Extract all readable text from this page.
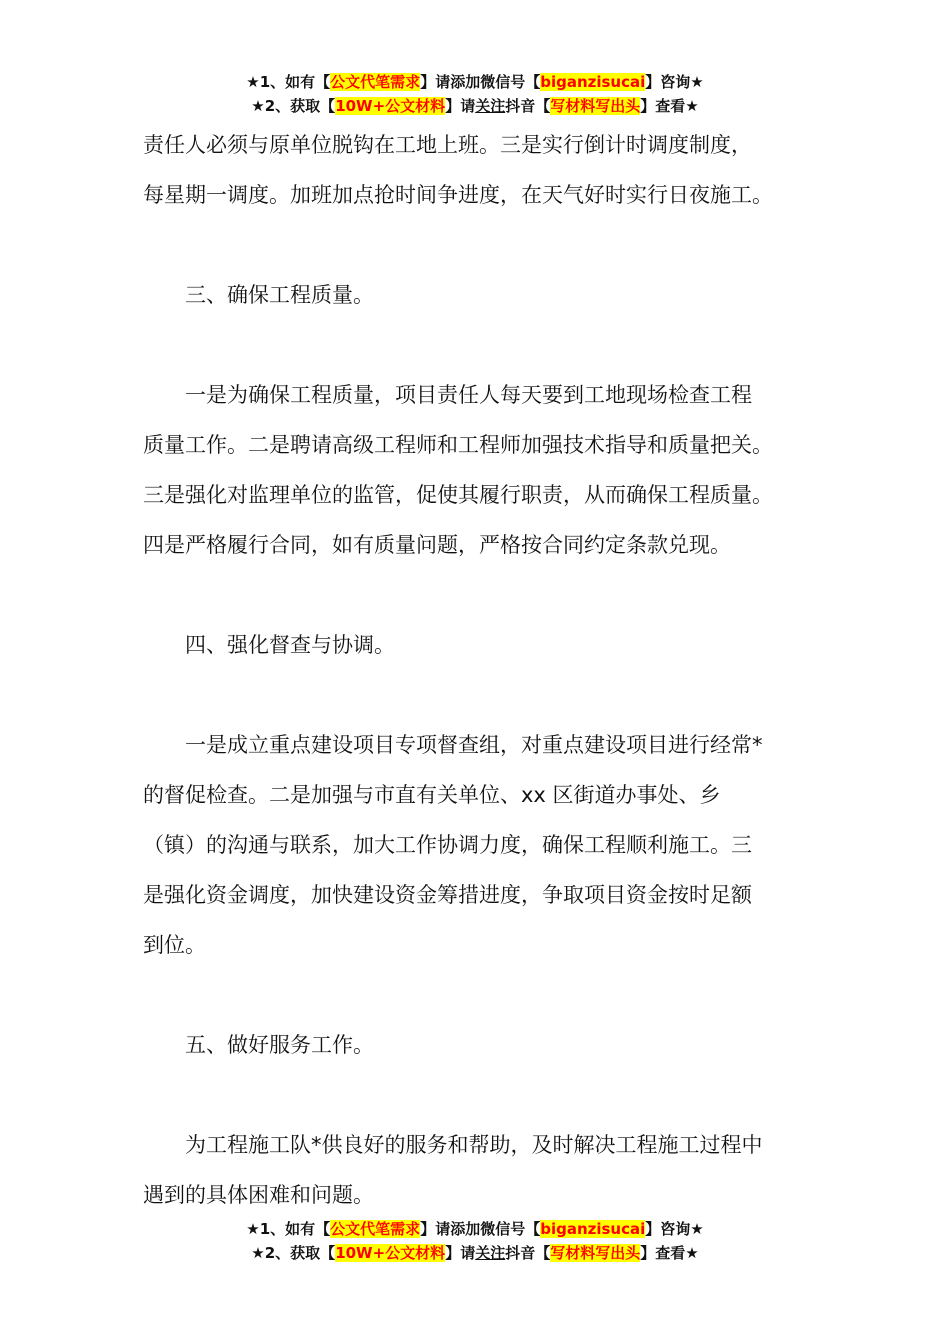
★1、如有【公文代笔需求】请添加微信号【biganzisucai】咨询★
★2、获取【10W+公文材料】请关注抖音【写材料写出头】查看★

责任人必须与原单位脱钩在工地上班。三是实行倒计时调度制度，

每星期一调度。加班加点抢时间争进度，在天气好时实行日夜施工。

三、确保工程质量。

一是为确保工程质量，项目责任人每天要到工地现场检查工程

质量工作。二是聘请高级工程师和工程师加强技术指导和质量把关。

三是强化对监理单位的监管，促使其履行职责，从而确保工程质量。

四是严格履行合同，如有质量问题，严格按合同约定条款兑现。

四、强化督查与协调。

一是成立重点建设项目专项督查组，对重点建设项目进行经常*

的督促检查。二是加强与市直有关单位、xx 区街道办事处、乡

（镇）的沟通与联系，加大工作协调力度，确保工程顺利施工。三

是强化资金调度，加快建设资金筹措进度，争取项目资金按时足额

到位。

五、做好服务工作。

为工程施工队*供良好的服务和帮助，及时解决工程施工过程中

遇到的具体困难和问题。

★1、如有【公文代笔需求】请添加微信号【biganzisucai】咨询★
★2、获取【10W+公文材料】请关注抖音【写材料写出头】查看★
